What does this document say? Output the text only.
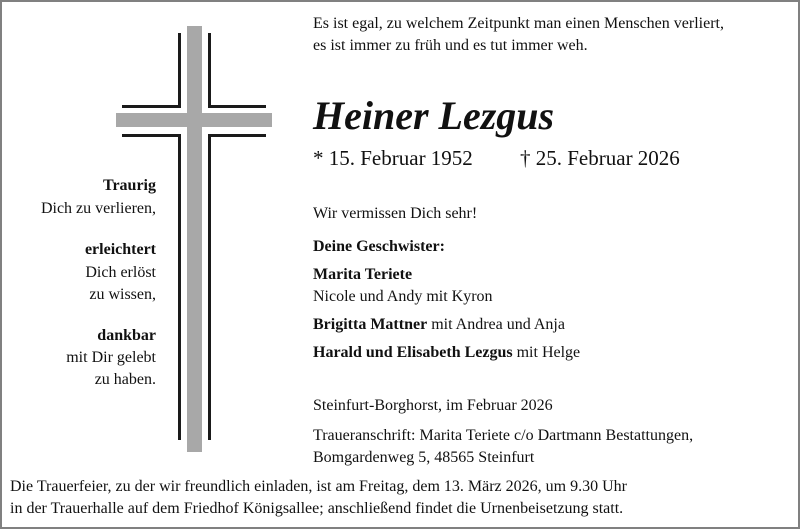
Es ist egal, zu welchem Zeitpunkt man einen Menschen verliert,
es ist immer zu früh und es tut immer weh.
Heiner Lezgus
* 15. Februar 1952 † 25. Februar 2026
Traurig
Dich zu verlieren,
erleichtert
Dich erlöst
zu wissen,
dankbar
mit Dir gelebt
zu haben.
Wir vermissen Dich sehr!
Deine Geschwister:
Marita Teriete
Nicole und Andy mit Kyron
Brigitta Mattner mit Andrea und Anja
Harald und Elisabeth Lezgus mit Helge
Steinfurt-Borghorst, im Februar 2026
Traueranschrift: Marita Teriete c/o Dartmann Bestattungen,
Bomgardenweg 5, 48565 Steinfurt
Die Trauerfeier, zu der wir freundlich einladen, ist am Freitag, dem 13. März 2026, um 9.30 Uhr
in der Trauerhalle auf dem Friedhof Königsallee; anschließend findet die Urnenbeisetzung statt.
